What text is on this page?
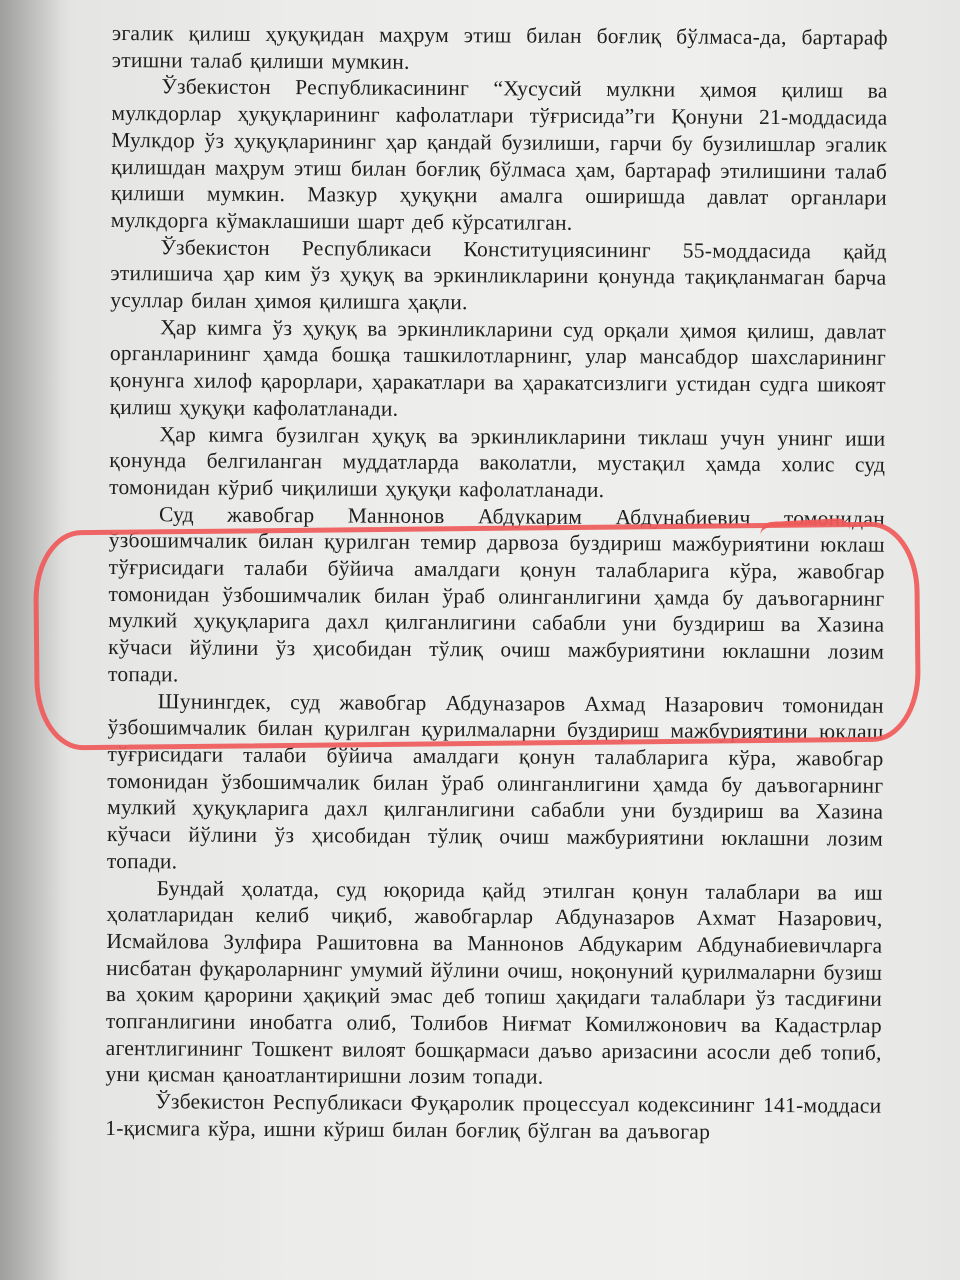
эгалик қилиш ҳуқуқидан маҳрум этиш билан боғлиқ бўлмаса-да, бартараф этишни талаб қилиши мумкин.

Ўзбекистон Республикасининг “Хусусий мулкни ҳимоя қилиш ва мулкдорлар ҳуқуқларининг кафолатлари тўғрисида”ги Қонуни 21-моддасида Мулкдор ўз ҳуқуқларининг ҳар қандай бузилиши, гарчи бу бузилишлар эгалик қилишдан маҳрум этиш билан боғлиқ бўлмаса ҳам, бартараф этилишини талаб қилиши мумкин. Мазкур ҳуқуқни амалга оширишда давлат органлари мулкдорга кўмаклашиши шарт деб кўрсатилган.

Ўзбекистон Республикаси Конституциясининг 55-моддасида қайд этилишича ҳар ким ўз ҳуқуқ ва эркинликларини қонунда тақиқланмаган барча усуллар билан ҳимоя қилишга ҳақли.

Ҳар кимга ўз ҳуқуқ ва эркинликларини суд орқали ҳимоя қилиш, давлат органларининг ҳамда бошқа ташкилотларнинг, улар мансабдор шахсларининг қонунга хилоф қарорлари, ҳаракатлари ва ҳаракатсизлиги устидан судга шикоят қилиш ҳуқуқи кафолатланади.

Ҳар кимга бузилган ҳуқуқ ва эркинликларини тиклаш учун унинг иши қонунда белгиланган муддатларда ваколатли, мустақил ҳамда холис суд томонидан кўриб чиқилиши ҳуқуқи кафолатланади.

Суд жавобгар Маннонов Абдукарим Абдунабиевич томонидан ўзбошимчалик билан қурилган темир дарвоза буздириш мажбуриятини юклаш тўғрисидаги талаби бўйича амалдаги қонун талабларига кўра, жавобгар томонидан ўзбошимчалик билан ўраб олинганлигини ҳамда бу даъвогарнинг мулкий ҳуқуқларига дахл қилганлигини сабабли уни буздириш ва Хазина кўчаси йўлини ўз ҳисобидан тўлиқ очиш мажбуриятини юклашни лозим топади.

Шунингдек, суд жавобгар Абдуназаров Ахмад Назарович томонидан ўзбошимчалик билан қурилган қурилмаларни буздириш мажбуриятини юклаш тўғрисидаги талаби бўйича амалдаги қонун талабларига кўра, жавобгар томонидан ўзбошимчалик билан ўраб олинганлигини ҳамда бу даъвогарнинг мулкий ҳуқуқларига дахл қилганлигини сабабли уни буздириш ва Хазина кўчаси йўлини ўз ҳисобидан тўлиқ очиш мажбуриятини юклашни лозим топади.

Бундай ҳолатда, суд юқорида қайд этилган қонун талаблари ва иш ҳолатларидан келиб чиқиб, жавобгарлар Абдуназаров Ахмат Назарович, Исмайлова Зулфира Рашитовна ва Маннонов Абдукарим Абдунабиевичларга нисбатан фуқароларнинг умумий йўлини очиш, ноқонуний қурилмаларни бузиш ва ҳоким қарорини ҳақиқий эмас деб топиш ҳақидаги талаблари ўз тасдиғини топганлигини инобатга олиб, Толибов Ниғмат Комилжонович ва Кадастрлар агентлигининг Тошкент вилоят бошқармаси даъво аризасини асосли деб топиб, уни қисман қаноатлантиришни лозим топади.

Ўзбекистон Республикаси Фуқаролик процессуал кодексининг 141-моддаси 1-қисмига кўра, ишни кўриш билан боғлиқ бўлган ва даъвогар
